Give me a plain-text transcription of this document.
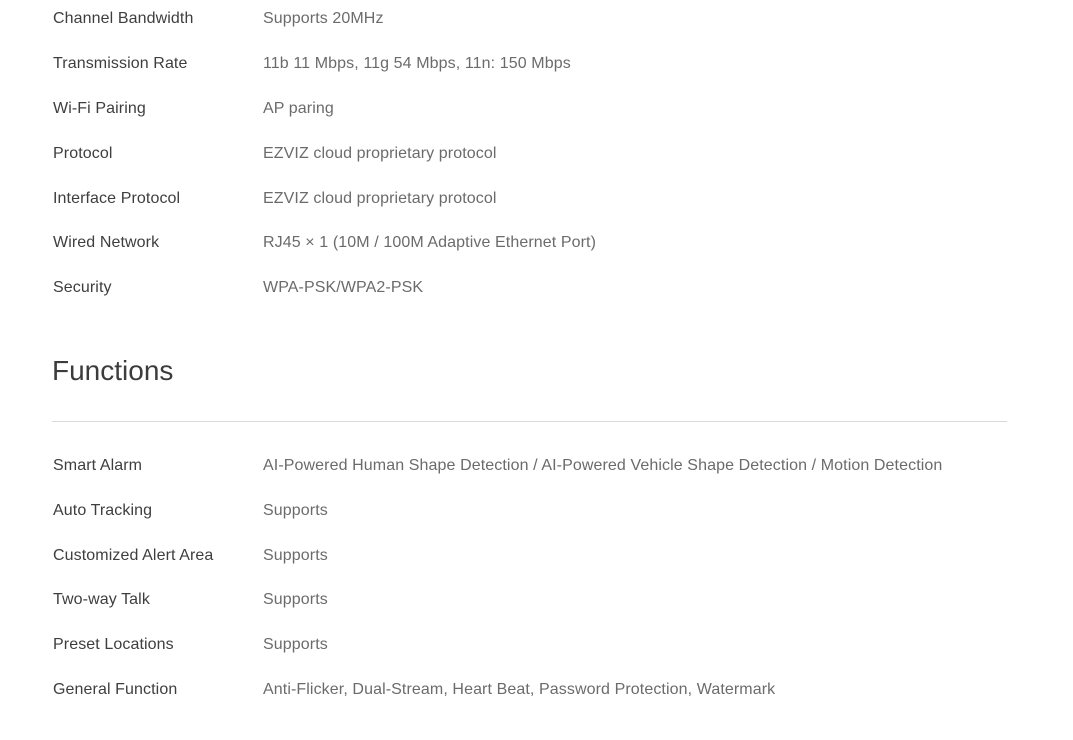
Channel Bandwidth	Supports 20MHz
Transmission Rate	11b 11 Mbps, 11g 54 Mbps, 11n: 150 Mbps
Wi-Fi Pairing	AP paring
Protocol	EZVIZ cloud proprietary protocol
Interface Protocol	EZVIZ cloud proprietary protocol
Wired Network	RJ45 × 1 (10M / 100M Adaptive Ethernet Port)
Security	WPA-PSK/WPA2-PSK
Functions
Smart Alarm	AI-Powered Human Shape Detection / AI-Powered Vehicle Shape Detection / Motion Detection
Auto Tracking	Supports
Customized Alert Area	Supports
Two-way Talk	Supports
Preset Locations	Supports
General Function	Anti-Flicker, Dual-Stream, Heart Beat, Password Protection, Watermark
